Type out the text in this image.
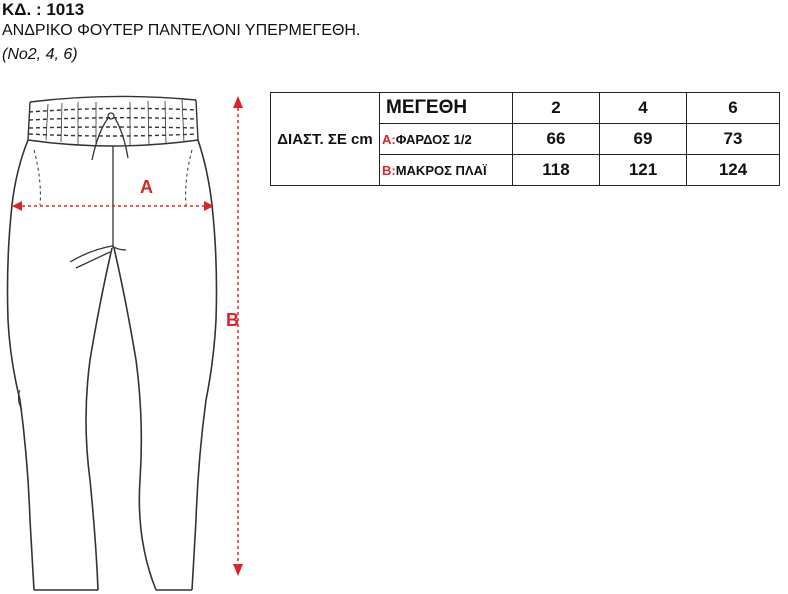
ΚΔ. : 1013
ΑΝΔΡΙΚΟ ΦΟΥΤΕΡ ΠΑΝΤΕΛΟΝΙ ΥΠΕΡΜΕΓΕΘΗ.
(Νο2, 4, 6)
A
B
ΔΙΑΣΤ. ΣΕ cm	ΜΕΓΕΘΗ	2	4	6
	A:ΦΑΡΔΟΣ 1/2	66	69	73
	B:ΜΑΚΡΟΣ ΠΛΑΪ	118	121	124
